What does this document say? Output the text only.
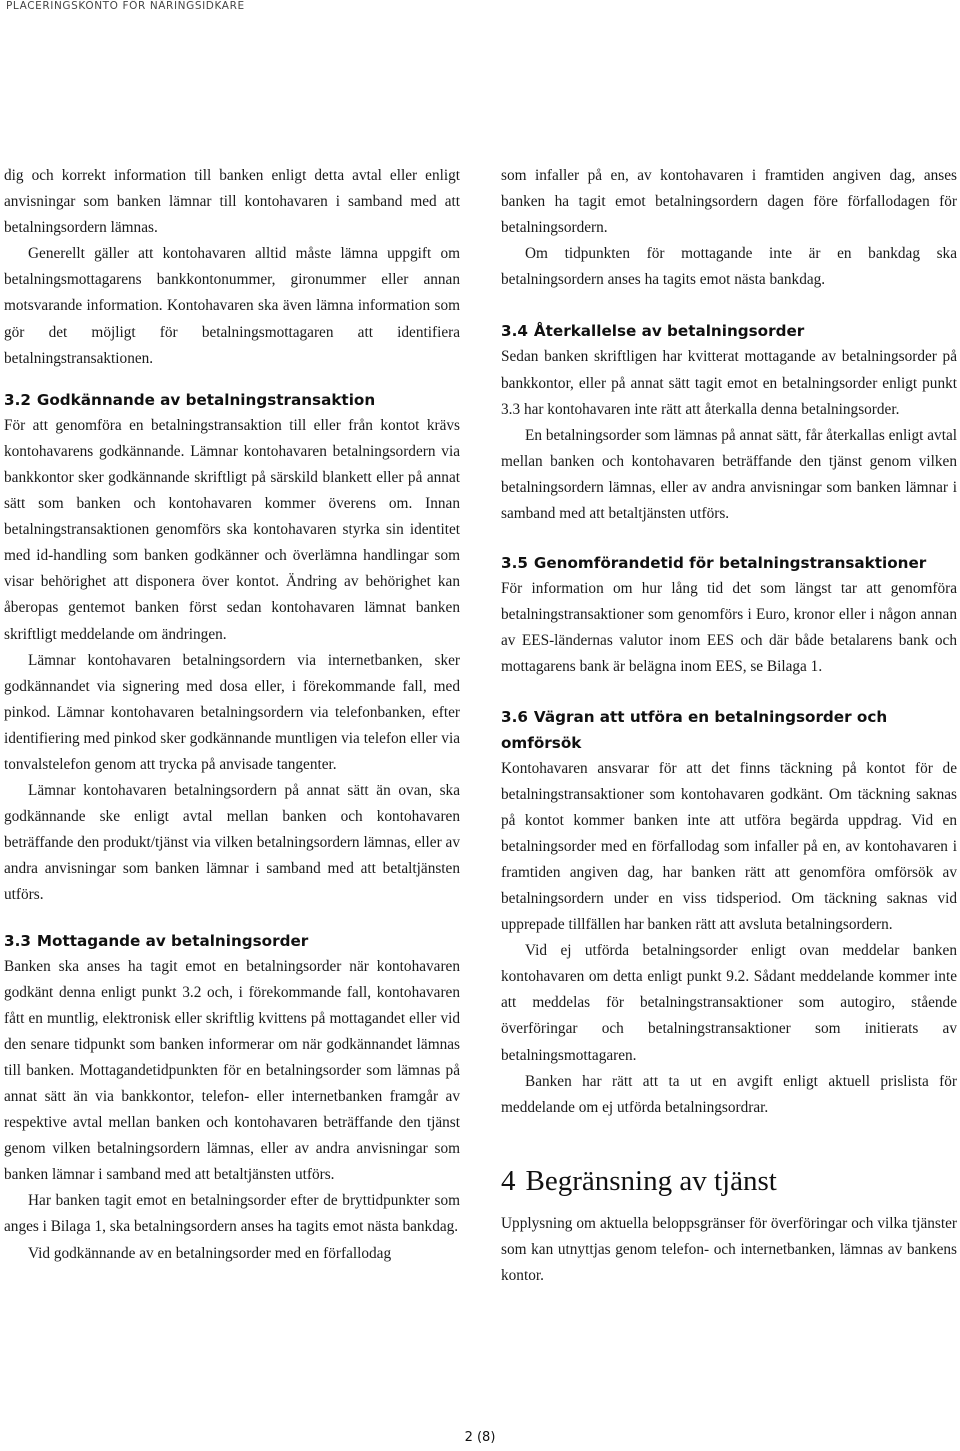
PLACERINGSKONTO FÖR NÄRINGSIDKARE

dig och korrekt information till banken enligt detta avtal eller enligt anvisningar som banken lämnar till kontohavaren i samband med att betalningsordern lämnas.

Generellt gäller att kontohavaren alltid måste lämna uppgift om betalningsmottagarens bankkontonummer, gironummer eller annan motsvarande information. Kontohavaren ska även lämna information som gör det möjligt för betalningsmottagaren att identifiera betalningstransaktionen.

3.2 Godkännande av betalningstransaktion

För att genomföra en betalningstransaktion till eller från kontot krävs kontohavarens godkännande. Lämnar kontohavaren betalningsordern via bankkontor sker godkännande skriftligt på särskild blankett eller på annat sätt som banken och kontohavaren kommer överens om. Innan betalningstransaktionen genomförs ska kontohavaren styrka sin identitet med id-handling som banken godkänner och överlämna handlingar som visar behörighet att disponera över kontot. Ändring av behörighet kan åberopas gentemot banken först sedan kontohavaren lämnat banken skriftligt meddelande om ändringen.

Lämnar kontohavaren betalningsordern via internetbanken, sker godkännandet via signering med dosa eller, i förekommande fall, med pinkod. Lämnar kontohavaren betalningsordern via telefonbanken, efter identifiering med pinkod sker godkännande muntligen via telefon eller via tonvalstelefon genom att trycka på anvisade tangenter.

Lämnar kontohavaren betalningsordern på annat sätt än ovan, ska godkännande ske enligt avtal mellan banken och kontohavaren beträffande den produkt/tjänst via vilken betalningsordern lämnas, eller av andra anvisningar som banken lämnar i samband med att betaltjänsten utförs.

3.3 Mottagande av betalningsorder

Banken ska anses ha tagit emot en betalningsorder när kontohavaren godkänt denna enligt punkt 3.2 och, i förekommande fall, kontohavaren fått en muntlig, elektronisk eller skriftlig kvittens på mottagandet eller vid den senare tidpunkt som banken informerar om när godkännandet lämnas till banken. Mottagandetidpunkten för en betalningsorder som lämnas på annat sätt än via bankkontor, telefon- eller internetbanken framgår av respektive avtal mellan banken och kontohavaren beträffande den tjänst genom vilken betalningsordern lämnas, eller av andra anvisningar som banken lämnar i samband med att betaltjänsten utförs.

Har banken tagit emot en betalningsorder efter de bryttidpunkter som anges i Bilaga 1, ska betalningsordern anses ha tagits emot nästa bankdag.

Vid godkännande av en betalningsorder med en förfallodag

som infaller på en, av kontohavaren i framtiden angiven dag, anses banken ha tagit emot betalningsordern dagen före förfallodagen för betalningsordern.

Om tidpunkten för mottagande inte är en bankdag ska betalningsordern anses ha tagits emot nästa bankdag.

3.4 Återkallelse av betalningsorder

Sedan banken skriftligen har kvitterat mottagande av betalningsorder på bankkontor, eller på annat sätt tagit emot en betalningsorder enligt punkt 3.3 har kontohavaren inte rätt att återkalla denna betalningsorder.

En betalningsorder som lämnas på annat sätt, får återkallas enligt avtal mellan banken och kontohavaren beträffande den tjänst genom vilken betalningsordern lämnas, eller av andra anvisningar som banken lämnar i samband med att betaltjänsten utförs.

3.5 Genomförandetid för betalningstransaktioner

För information om hur lång tid det som längst tar att genomföra betalningstransaktioner som genomförs i Euro, kronor eller i någon annan av EES-ländernas valutor inom EES och där både betalarens bank och mottagarens bank är belägna inom EES, se Bilaga 1.

3.6 Vägran att utföra en betalningsorder och omförsök

Kontohavaren ansvarar för att det finns täckning på kontot för de betalningstransaktioner som kontohavaren godkänt. Om täckning saknas på kontot kommer banken inte att utföra begärda uppdrag. Vid en betalningsorder med en förfallodag som infaller på en, av kontohavaren i framtiden angiven dag, har banken rätt att genomföra omförsök av betalningsordern under en viss tidsperiod. Om täckning saknas vid upprepade tillfällen har banken rätt att avsluta betalningsordern.

Vid ej utförda betalningsorder enligt ovan meddelar banken kontohavaren om detta enligt punkt 9.2. Sådant meddelande kommer inte att meddelas för betalningstransaktioner som autogiro, stående överföringar och betalningstransaktioner som initierats av betalningsmottagaren.

Banken har rätt att ta ut en avgift enligt aktuell prislista för meddelande om ej utförda betalningsordrar.

4 Begränsning av tjänst

Upplysning om aktuella beloppsgränser för överföringar och vilka tjänster som kan utnyttjas genom telefon- och internetbanken, lämnas av bankens kontor.

2 (8)
